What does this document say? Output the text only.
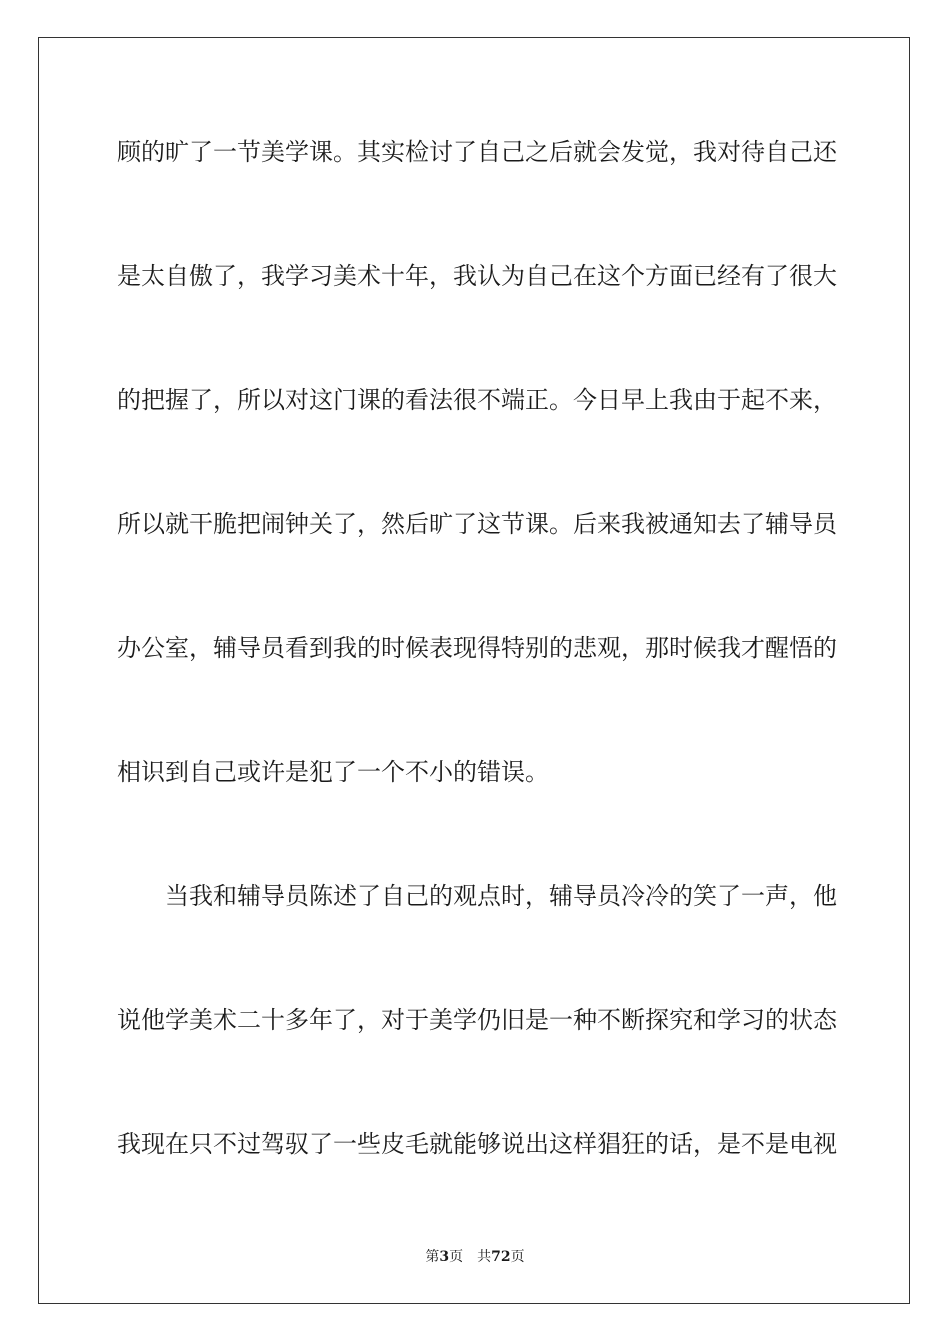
顾的旷了一节美学课。其实检讨了自己之后就会发觉，我对待自己还

是太自傲了，我学习美术十年，我认为自己在这个方面已经有了很大

的把握了，所以对这门课的看法很不端正。今日早上我由于起不来，

所以就干脆把闹钟关了，然后旷了这节课。后来我被通知去了辅导员

办公室，辅导员看到我的时候表现得特别的悲观，那时候我才醒悟的

相识到自己或许是犯了一个不小的错误。

当我和辅导员陈述了自己的观点时，辅导员冷冷的笑了一声，他

说他学美术二十多年了，对于美学仍旧是一种不断探究和学习的状态

我现在只不过驾驭了一些皮毛就能够说出这样猖狂的话，是不是电视

第3页 共72页
